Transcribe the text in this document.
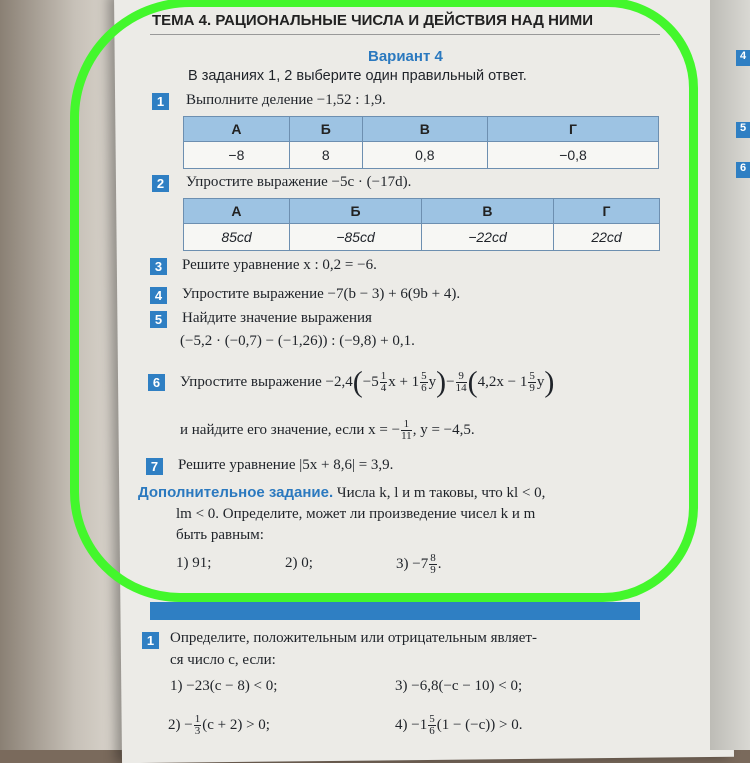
4
5
6
ТЕМА 4. РАЦИОНАЛЬНЫЕ ЧИСЛА И ДЕЙСТВИЯ НАД НИМИ
Вариант 4
В заданиях 1, 2 выберите один правильный ответ.
1	Выполните деление −1,52 : 1,9.
А	Б	В	Г
−8	8	0,8	−0,8
2	Упростите выражение −5c · (−17d).
А	Б	В	Г
85cd	−85cd	−22cd	22cd
3	Решите уравнение x : 0,2 = −6.
4	Упростите выражение −7(b − 3) + 6(9b + 4).
5	Найдите значение выражения
(−5,2 · (−0,7) − (−1,26)) : (−9,8) + 0,1.
6	Упростите выражение $-2,4(-5 \frac{1}{4}$ $x + 1 \frac{5}{6} y)- \frac{9}{14} (4,2x - 1 \frac{5}{9} y)$
и найдите его значение, если x = − $\frac{1}{11}$ , y = −4,5.
7	Решите уравнение |5x + 8,6| = 3,9.
Дополнительное задание. Числа k, l и m таковы, что kl < 0,
lm < 0. Определите, может ли произведение чисел k и m
быть равным:
1) 91;	2) 0;	$3) -7 \frac{8}{9}$ .
1	Определите, положительным или отрицательным являет-
ся число c, если:
1) −23(c − 8) < 0;	3) −6,8(−c − 10) < 0;
$2) - \frac{1}{3} (c + 2) > 0$;	$4) -1 \frac{5}{6} (1 - (-c)) > 0$.
